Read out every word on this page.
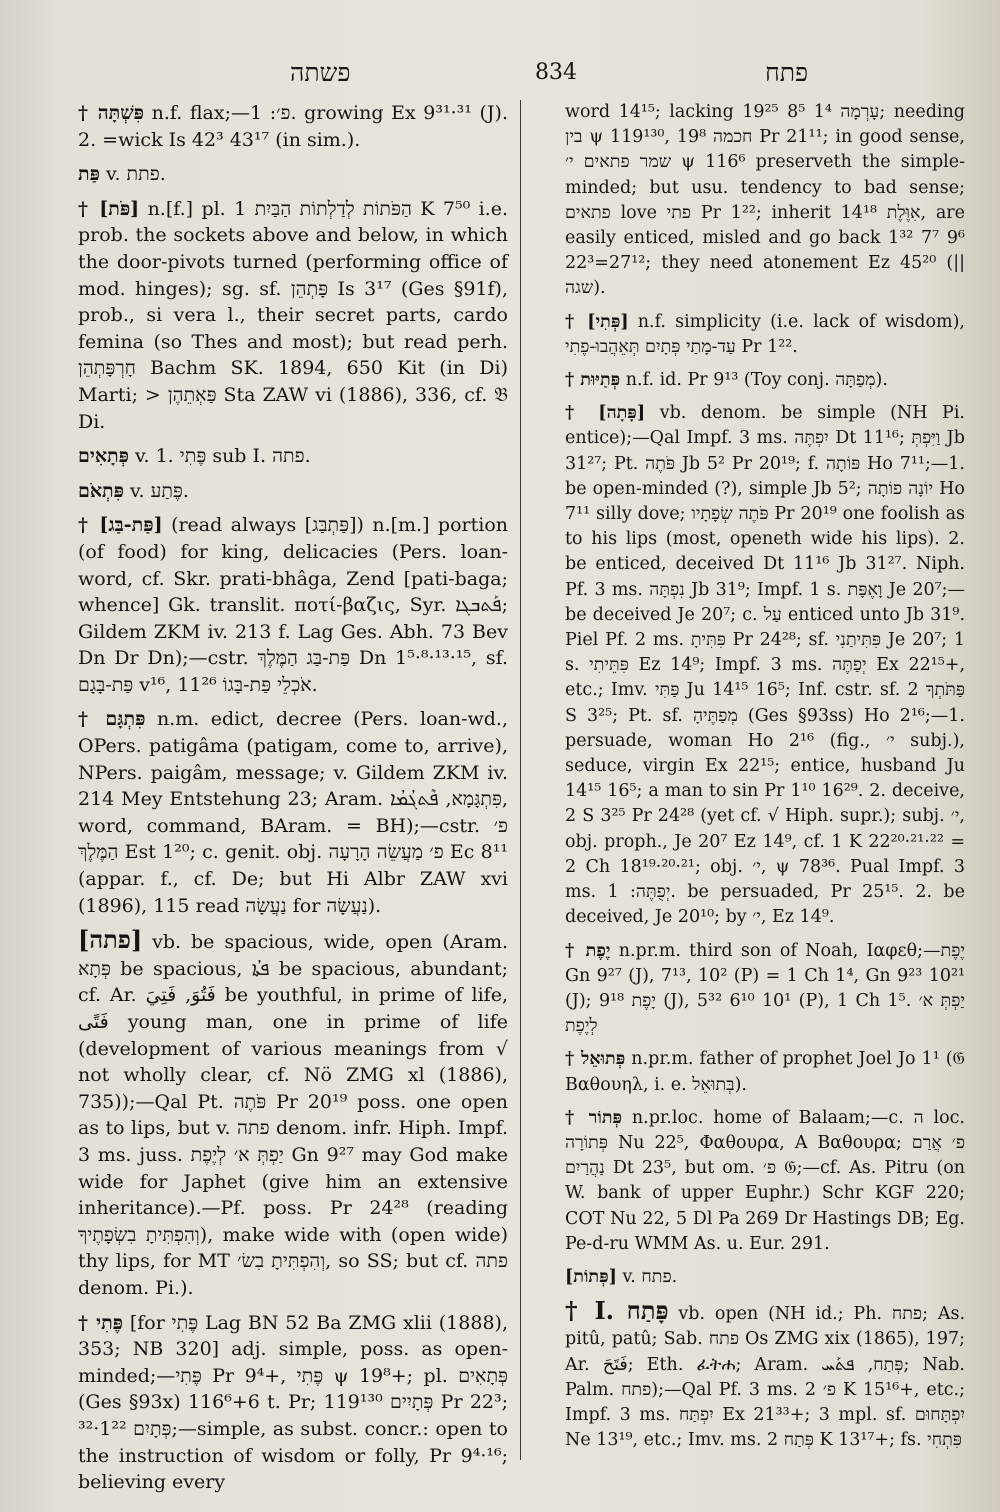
פשתה	834	פתח

† פִּשְׁתָּה n.f. flax;—פ׳: 1. growing Ex 9³¹·³¹ (J). 2. =wick Is 42³ 43¹⁷ (in sim.).

פַּת v. פתת.

† [פֹּת] n.[f.] pl. הַפֹּתוֹת לְדַלְתוֹת הַבַּיִת 1 K 7⁵⁰ i.e. prob. the sockets above and below, in which the door-pivots turned (performing office of mod. hinges); sg. sf. פָּתְהֵן Is 3¹⁷ (Ges §91f), prob., si vera l., their secret parts, cardo femina (so Thes and most); but read perh. חָרְפָּתְהֵן Bachm SK. 1894, 650 Kit (in Di) Marti; > פַּאְתֵהֶן Sta ZAW vi (1886), 336, cf. 𝔅 Di.

פְּתָאִים v. 1. פֶּתִי sub I. פתה.

פִּתְאֹם v. פֶּתַע.

† [פַּת-בַּג] (read always [פַּתְבַּג]) n.[m.] portion (of food) for king, delicacies (Pers. loan-word, cf. Skr. prati-bhâga, Zend [pati-baga; whence] Gk. translit. ποτί-βαζις, Syr. ܦܰܬܒܓܐ; Gildem ZKM iv. 213 f. Lag Ges. Abh. 73 Bev Dn Dr Dn);—cstr. פַּת-בַּג הַמֶּלֶךְ Dn 1⁵·⁸·¹³·¹⁵, sf. פַּת-בָּגָם v¹⁶, אֹכְלֵי פַּת-בָּגוֹ 11²⁶.

† פִּתְגָּם n.m. edict, decree (Pers. loan-wd., OPers. patigâma (patigam, come to, arrive), NPers. paigâm, message; v. Gildem ZKM iv. 214 Mey Entstehung 23; Aram. פִּתְגָּמָא, ܦܶܬܓܳܡܳܐ, word, command, BAram. = BH);—cstr. פ׳ הַמֶּלֶךְ Est 1²⁰; c. genit. obj. פ׳ מַעֲשֵׂה הָרָעָה Ec 8¹¹ (appar. f., cf. De; but Hi Albr ZAW xvi (1896), 115 read נַעֲשָׂה for נַעֲשָׂה).

[פתה] vb. be spacious, wide, open (Aram. פְּתָא be spacious, ܦܬܳܐ be spacious, abundant; cf. Ar. فَتُوَ, فَتِيَ be youthful, in prime of life, فَتًى young man, one in prime of life (development of various meanings from √ not wholly clear, cf. Nö ZMG xl (1886), 735));—Qal Pt. פֹּתֶה Pr 20¹⁹ poss. one open as to lips, but v. פתה denom. infr. Hiph. Impf. 3 ms. juss. יַפְתְּ א׳ לְיֶפֶת Gn 9²⁷ may God make wide for Japhet (give him an extensive inheritance).—Pf. poss. Pr 24²⁸ (reading וְהִפְתִּיתָ בִשְׂפָתֶיךָ), make wide with (open wide) thy lips, for MT וְהִפְתִּיתָ בִשׂ׳, so SS; but cf. פתה denom. Pi.).

† פֶּתִי [for פֶּתִי Lag BN 52 Ba ZMG xlii (1888), 353; NB 320] adj. simple, poss. as open-minded;—פֶּתִי Pr 9⁴+, פֶּתִי ψ 19⁸+; pl. פְּתָאִים (Ges §93x) 116⁶+6 t. Pr; פְּתָיִים 119¹³⁰ Pr 22³; פְּתָיִם 1²²·³²;—simple, as subst. concr.: open to the instruction of wisdom or folly, Pr 9⁴·¹⁶; believing every

word 14¹⁵; lacking עָרְמָה 1⁴ 8⁵ 19²⁵; needing בין ψ 119¹³⁰, חכמה 19⁸ Pr 21¹¹; in good sense, שמר פתאים י׳ ψ 116⁶ preserveth the simple-minded; but usu. tendency to bad sense; פתאים love פתי Pr 1²²; inherit אִוֶּלֶת 14¹⁸, are easily enticed, misled and go back 1³² 7⁷ 9⁶ 22³=27¹²; they need atonement Ez 45²⁰ (|| שגה).

† [פְּתִי] n.f. simplicity (i.e. lack of wisdom), עַד-מָתַי פְּתָיִם תְּאֵהֲבוּ-פֶתִי Pr 1²².

† פְּתַיּוּת n.f. id. Pr 9¹³ (Toy conj. מְפַתָּה).

† [פָּתָה] vb. denom. be simple (NH Pi. entice);—Qal Impf. 3 ms. יִפְתֶּה Dt 11¹⁶; וַיִּפְתְּ Jb 31²⁷; Pt. פֹּתֶה Jb 5² Pr 20¹⁹; f. פּוֹתָה Ho 7¹¹;—1. be open-minded (?), simple Jb 5²; יוֹנָה פוֹתָה Ho 7¹¹ silly dove; פֹּתֶה שְׂפָתָיו Pr 20¹⁹ one foolish as to his lips (most, openeth wide his lips). 2. be enticed, deceived Dt 11¹⁶ Jb 31²⁷. Niph. Pf. 3 ms. נִפְתָּה Jb 31⁹; Impf. 1 s. וָאֶפָּת Je 20⁷;—be deceived Je 20⁷; c. עַל enticed unto Jb 31⁹. Piel Pf. 2 ms. פִּתִּיתָ Pr 24²⁸; sf. פִּתִּיתַנִי Je 20⁷; 1 s. פִּתֵּיתִי Ez 14⁹; Impf. 3 ms. יְפַתֶּה Ex 22¹⁵+, etc.; Imv. פַּתִּי Ju 14¹⁵ 16⁵; Inf. cstr. sf. פַּתֹּתְךָ 2 S 3²⁵; Pt. sf. מְפַתֶּיהָ (Ges §93ss) Ho 2¹⁶;—1. persuade, woman Ho 2¹⁶ (fig., י׳ subj.), seduce, virgin Ex 22¹⁵; entice, husband Ju 14¹⁵ 16⁵; a man to sin Pr 1¹⁰ 16²⁹. 2. deceive, 2 S 3²⁵ Pr 24²⁸ (yet cf. √ Hiph. supr.); subj. י׳, obj. proph., Je 20⁷ Ez 14⁹, cf. 1 K 22²⁰·²¹·²² = 2 Ch 18¹⁹·²⁰·²¹; obj. י׳, ψ 78³⁶. Pual Impf. 3 ms. יְפֻתֶּה: 1. be persuaded, Pr 25¹⁵. 2. be deceived, Je 20¹⁰; by י׳, Ez 14⁹.

† יֶפֶת n.pr.m. third son of Noah, Ιαφεθ;—יֶפֶת Gn 9²⁷ (J), 7¹³, 10² (P) = 1 Ch 1⁴, Gn 9²³ 10²¹ (J); יָפֶת 9¹⁸ (J), 5³² 6¹⁰ 10¹ (P), 1 Ch 1⁵. יַפְתְּ א׳ לְיֶפֶת

† פְּתוּאֵל n.pr.m. father of prophet Joel Jo 1¹ (𝔊 Βαθουηλ, i. e. בְּתוּאֵל).

† פְּתוֹר n.pr.loc. home of Balaam;—c. ה loc. פְּתוֹרָה Nu 22⁵, Φαθουρα, Α Βαθουρα; פ׳ אֲרַם נַהֲרַיִם Dt 23⁵, but om. פ׳ 𝔊;—cf. As. Pitru (on W. bank of upper Euphr.) Schr KGF 220; COT Nu 22, 5 Dl Pa 269 Dr Hastings DB; Eg. Pe-d-ru WMM As. u. Eur. 291.

[פְּתוֹת] v. פתח.

† I. פָּתַח vb. open (NH id.; Ph. פתח; As. pitû, patû; Sab. פתח Os ZMG xix (1865), 197; Ar. فَتَحَ; Eth. ፈትሐ; Aram. פְּתַח, ܦܬܰܚ; Nab. Palm. פתח);—Qal Pf. 3 ms. פ׳ 2 K 15¹⁶+, etc.; Impf. 3 ms. יִפְתַּח Ex 21³³+; 3 mpl. sf. יִפְתָּחוּם Ne 13¹⁹, etc.; Imv. ms. פְּתַח 2 K 13¹⁷+; fs. פִּתְחִי
